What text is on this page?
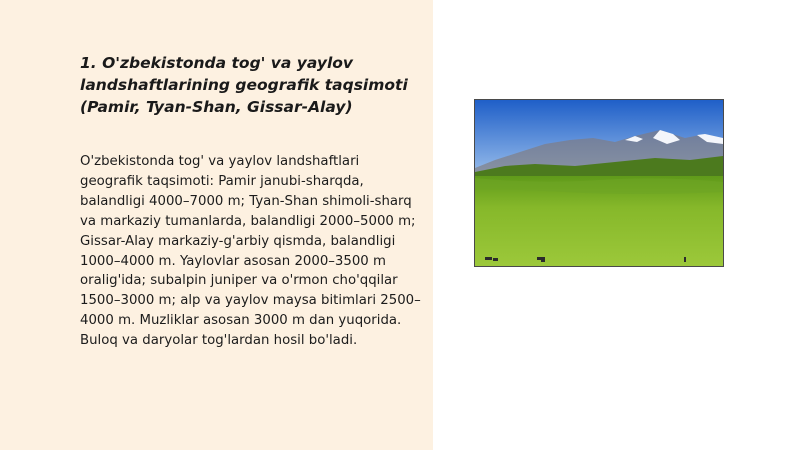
1. O'zbekistonda tog' va yaylov landshaftlarining geografik taqsimoti (Pamir, Tyan-Shan, Gissar-Alay)

O'zbekistonda tog' va yaylov landshaftlari geografik taqsimoti: Pamir janubi-sharqda, balandligi 4000–7000 m; Tyan-Shan shimoli-sharq va markaziy tumanlarda, balandligi 2000–5000 m; Gissar-Alay markaziy-g'arbiy qismda, balandligi 1000–4000 m. Yaylovlar asosan 2000–3500 m oralig'ida; subalpin juniper va o'rmon cho'qqilar 1500–3000 m; alp va yaylov maysa bitimlari 2500–4000 m. Muzliklar asosan 3000 m dan yuqorida. Buloq va daryolar tog'lardan hosil bo'ladi.
